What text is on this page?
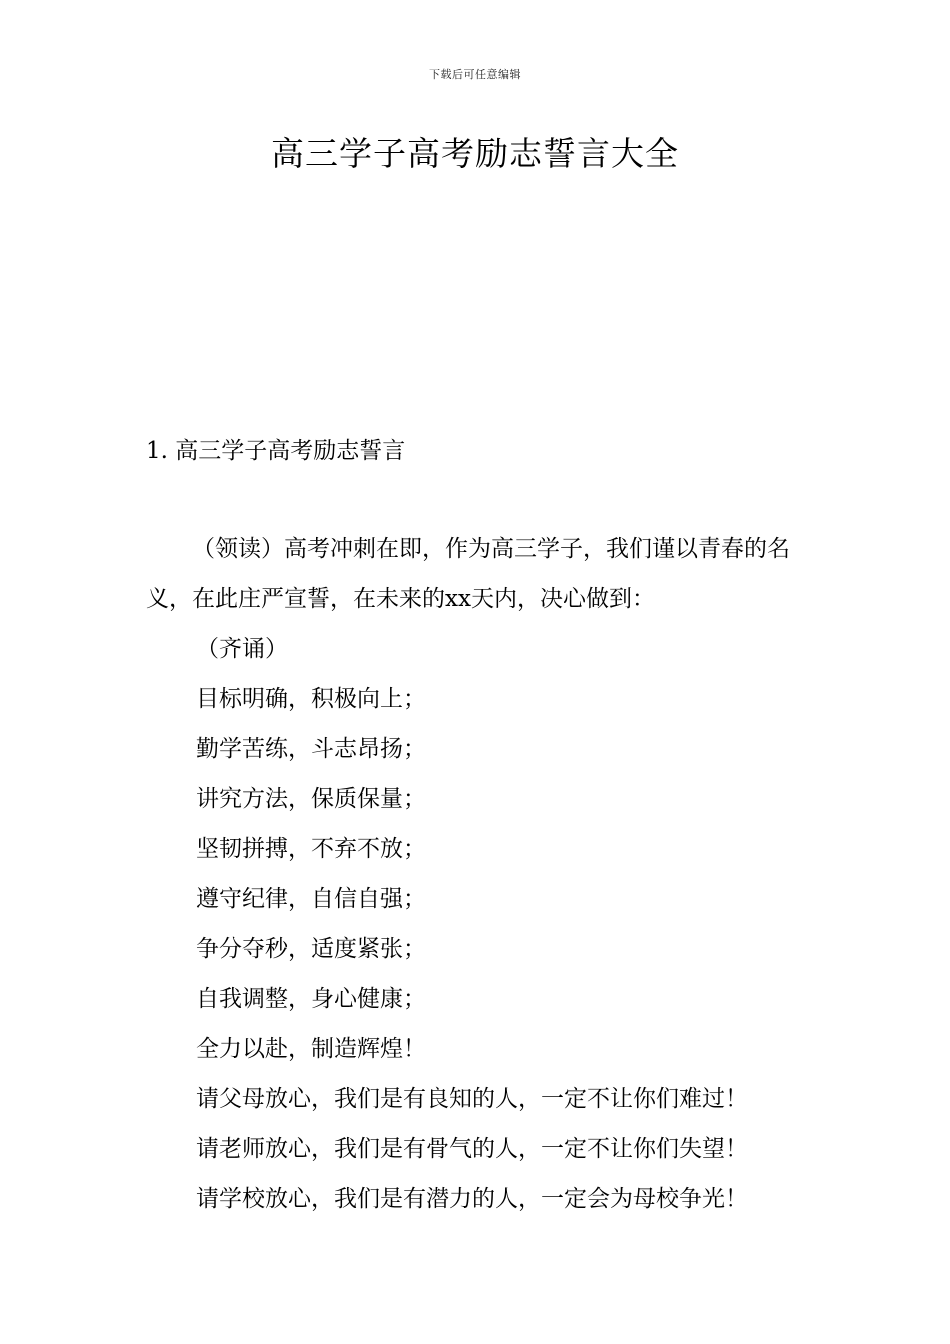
下载后可任意编辑
高三学子高考励志誓言大全
1. 高三学子高考励志誓言

（领读）高考冲刺在即，作为高三学子，我们谨以青春的名义，在此庄严宣誓，在未来的xx天内，决心做到：

（齐诵）

目标明确，积极向上；

勤学苦练，斗志昂扬；

讲究方法，保质保量；

坚韧拼搏，不弃不放；

遵守纪律，自信自强；

争分夺秒，适度紧张；

自我调整，身心健康；

全力以赴，制造辉煌！

请父母放心，我们是有良知的人，一定不让你们难过！

请老师放心，我们是有骨气的人，一定不让你们失望！

请学校放心，我们是有潜力的人，一定会为母校争光！
